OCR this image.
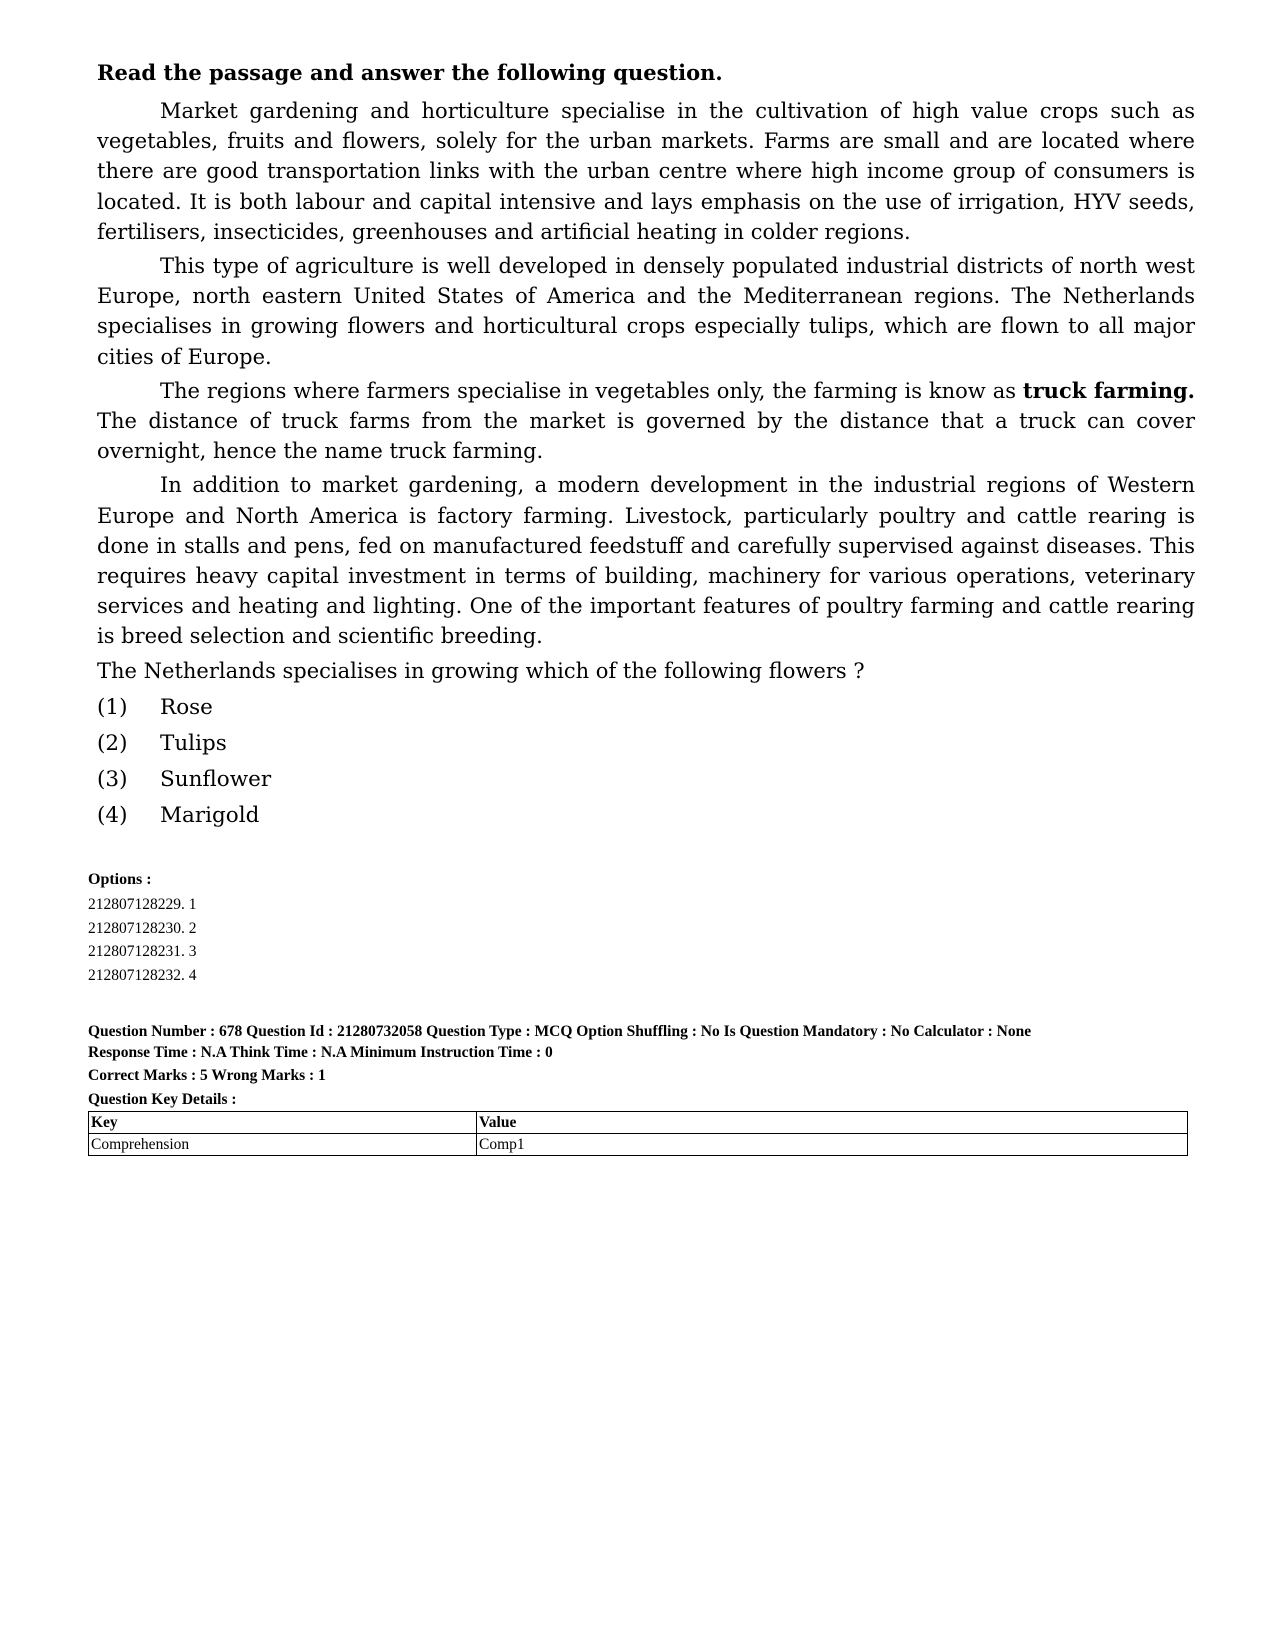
Read the passage and answer the following question.

Market gardening and horticulture specialise in the cultivation of high value crops such as vegetables, fruits and flowers, solely for the urban markets. Farms are small and are located where there are good transportation links with the urban centre where high income group of consumers is located. It is both labour and capital intensive and lays emphasis on the use of irrigation, HYV seeds, fertilisers, insecticides, greenhouses and artificial heating in colder regions.

This type of agriculture is well developed in densely populated industrial districts of north west Europe, north eastern United States of America and the Mediterranean regions. The Netherlands specialises in growing flowers and horticultural crops especially tulips, which are flown to all major cities of Europe.

The regions where farmers specialise in vegetables only, the farming is know as truck farming. The distance of truck farms from the market is governed by the distance that a truck can cover overnight, hence the name truck farming.

In addition to market gardening, a modern development in the industrial regions of Western Europe and North America is factory farming. Livestock, particularly poultry and cattle rearing is done in stalls and pens, fed on manufactured feedstuff and carefully supervised against diseases. This requires heavy capital investment in terms of building, machinery for various operations, veterinary services and heating and lighting. One of the important features of poultry farming and cattle rearing is breed selection and scientific breeding.

The Netherlands specialises in growing which of the following flowers ?
(1)	Rose
(2)	Tulips
(3)	Sunflower
(4)	Marigold
Options :
212807128229. 1
212807128230. 2
212807128231. 3
212807128232. 4
Question Number : 678 Question Id : 21280732058 Question Type : MCQ Option Shuffling : No Is Question Mandatory : No Calculator : None
Response Time : N.A Think Time : N.A Minimum Instruction Time : 0
Correct Marks : 5 Wrong Marks : 1
Question Key Details :
Key	Value
Comprehension	Comp1
